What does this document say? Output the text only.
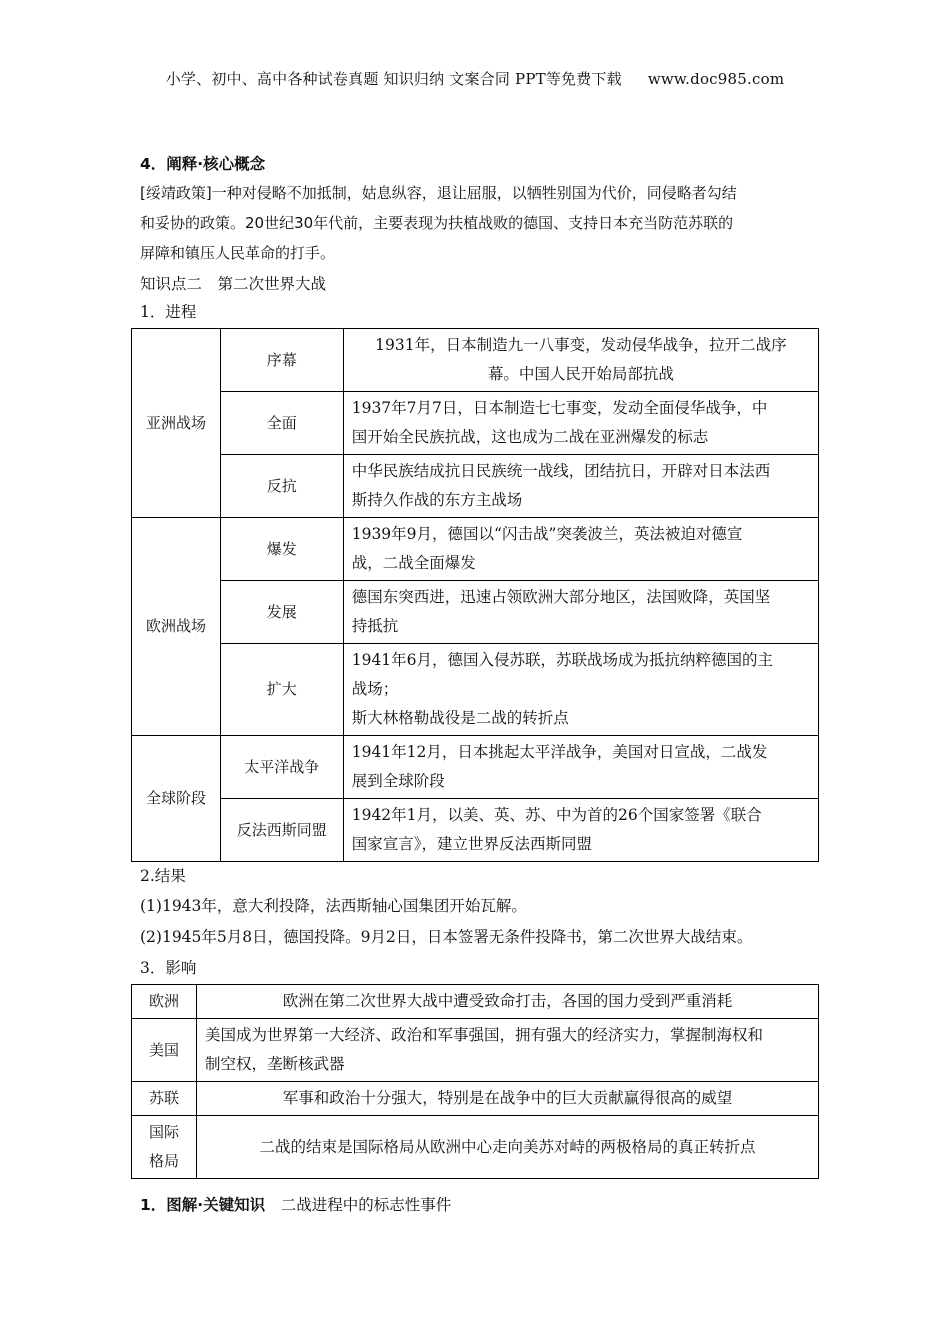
小学、初中、高中各种试卷真题 知识归纳 文案合同 PPT等免费下载 www.doc985.com
4．阐释·核心概念
[绥靖政策]一种对侵略不加抵制，姑息纵容，退让屈服，以牺牲别国为代价，同侵略者勾结
和妥协的政策。20世纪30年代前，主要表现为扶植战败的德国、支持日本充当防范苏联的
屏障和镇压人民革命的打手。
知识点二　第二次世界大战
1．进程
亚洲战场	序幕	1931年，日本制造九一八事变，发动侵华战争，拉开二战序
幕。中国人民开始局部抗战

	全面	1937年7月7日，日本制造七七事变，发动全面侵华战争，中
国开始全民族抗战，这也成为二战在亚洲爆发的标志

	反抗	中华民族结成抗日民族统一战线，团结抗日，开辟对日本法西
斯持久作战的东方主战场

欧洲战场	爆发	1939年9月，德国以“闪击战”突袭波兰，英法被迫对德宣
战，二战全面爆发

	发展	德国东突西进，迅速占领欧洲大部分地区，法国败降，英国坚
持抵抗

	扩大	1941年6月，德国入侵苏联，苏联战场成为抵抗纳粹德国的主
战场；
斯大林格勒战役是二战的转折点

全球阶段	太平洋战争	1941年12月，日本挑起太平洋战争，美国对日宣战，二战发
展到全球阶段

	反法西斯同盟	1942年1月，以美、英、苏、中为首的26个国家签署《联合
国家宣言》，建立世界反法西斯同盟
2.结果
(1)1943年，意大利投降，法西斯轴心国集团开始瓦解。
(2)1945年5月8日，德国投降。9月2日，日本签署无条件投降书，第二次世界大战结束。
3．影响
欧洲	欧洲在第二次世界大战中遭受致命打击，各国的国力受到严重消耗

美国	美国成为世界第一大经济、政治和军事强国，拥有强大的经济实力，掌握制海权和
制空权，垄断核武器

苏联	军事和政治十分强大，特别是在战争中的巨大贡献赢得很高的威望

国际
格局	二战的结束是国际格局从欧洲中心走向美苏对峙的两极格局的真正转折点
1．图解·关键知识　二战进程中的标志性事件
